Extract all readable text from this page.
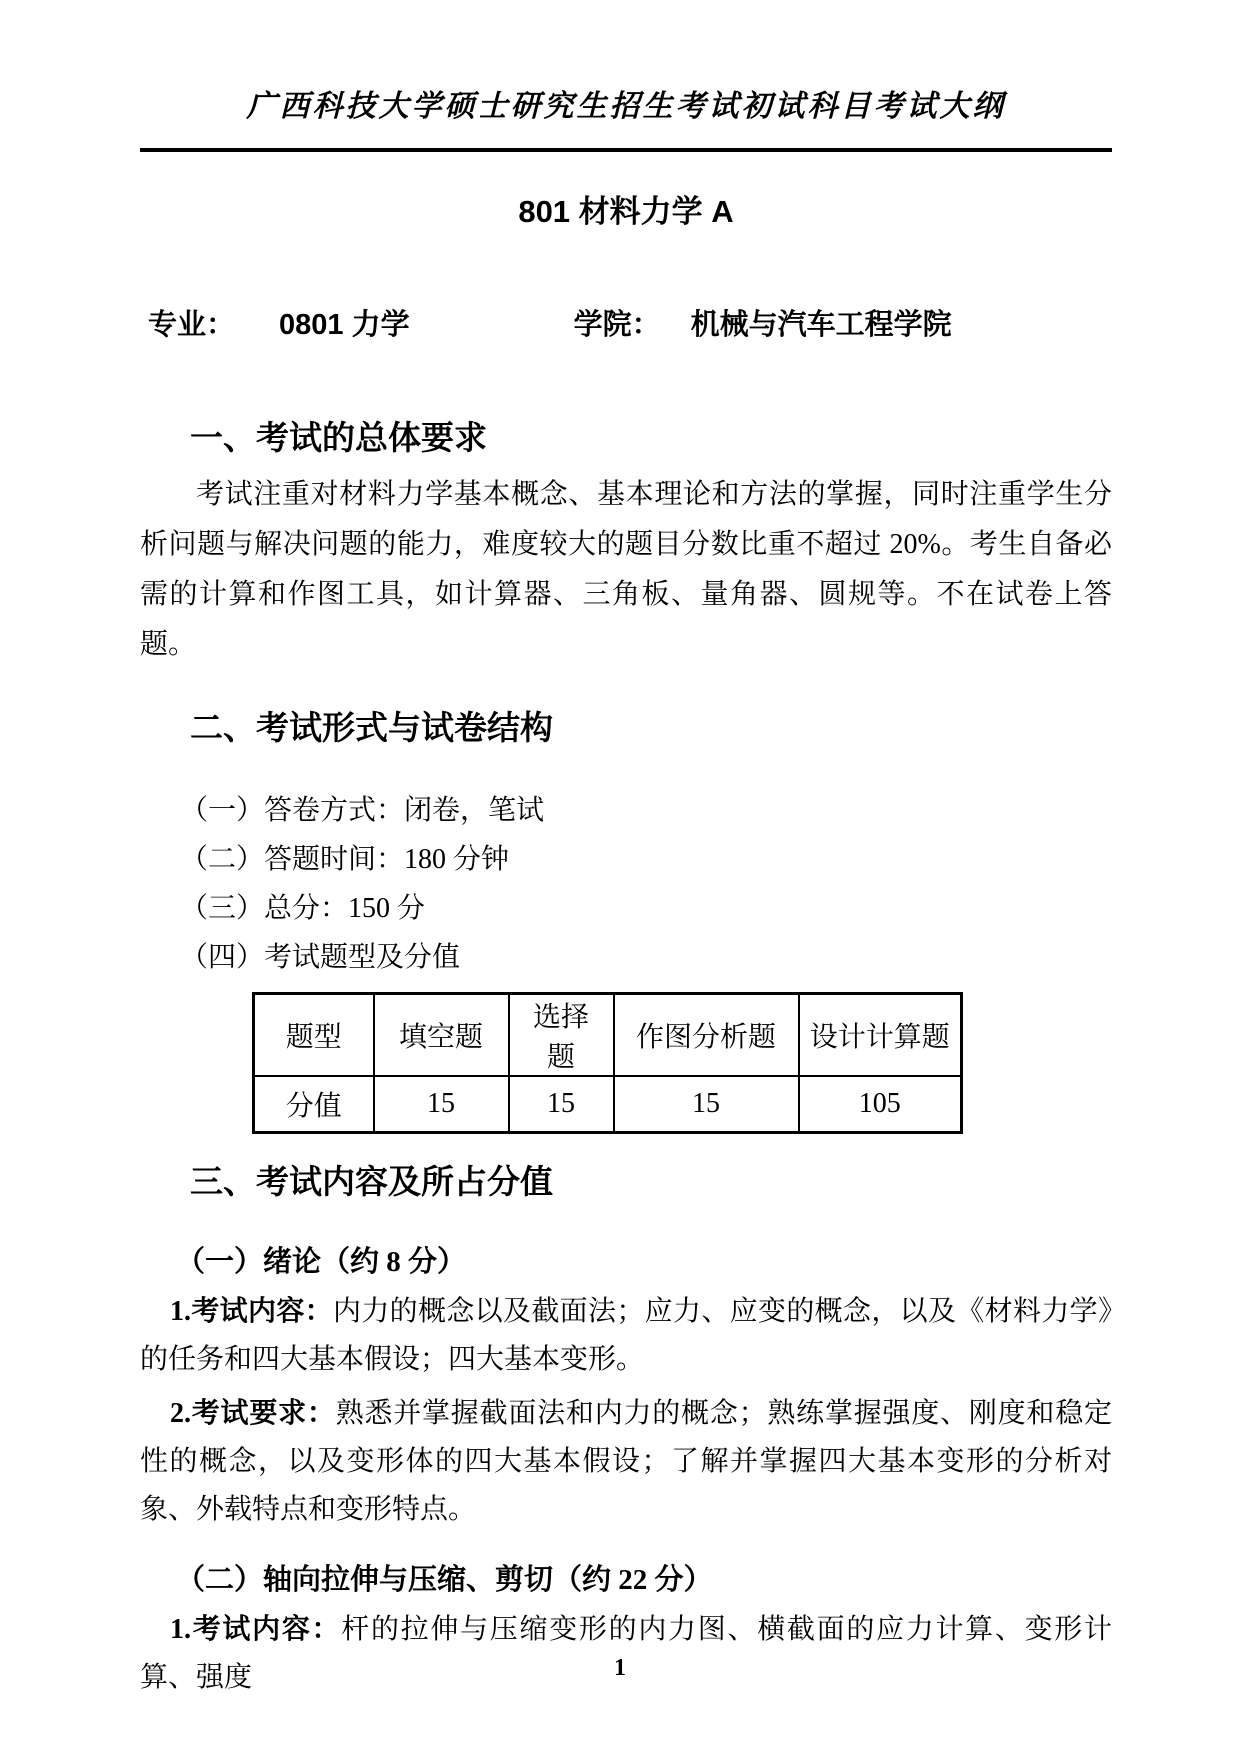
广西科技大学硕士研究生招生考试初试科目考试大纲
801 材料力学 A
专业： 0801 力学	学院： 机械与汽车工程学院
一、考试的总体要求
考试注重对材料力学基本概念、基本理论和方法的掌握，同时注重学生分析问题与解决问题的能力，难度较大的题目分数比重不超过 20%。考生自备必需的计算和作图工具，如计算器、三角板、量角器、圆规等。不在试卷上答题。
二、考试形式与试卷结构
（一）答卷方式：闭卷，笔试
（二）答题时间：180 分钟
（三）总分：150 分
（四）考试题型及分值
题型	填空题	选择题	作图分析题	设计计算题
分值	15	15	15	105
三、考试内容及所占分值
（一）绪论（约 8 分）
1.考试内容：内力的概念以及截面法；应力、应变的概念，以及《材料力学》的任务和四大基本假设；四大基本变形。
2.考试要求：熟悉并掌握截面法和内力的概念；熟练掌握强度、刚度和稳定性的概念，以及变形体的四大基本假设；了解并掌握四大基本变形的分析对象、外载特点和变形特点。
（二）轴向拉伸与压缩、剪切（约 22 分）
1.考试内容：杆的拉伸与压缩变形的内力图、横截面的应力计算、变形计算、强度	1
